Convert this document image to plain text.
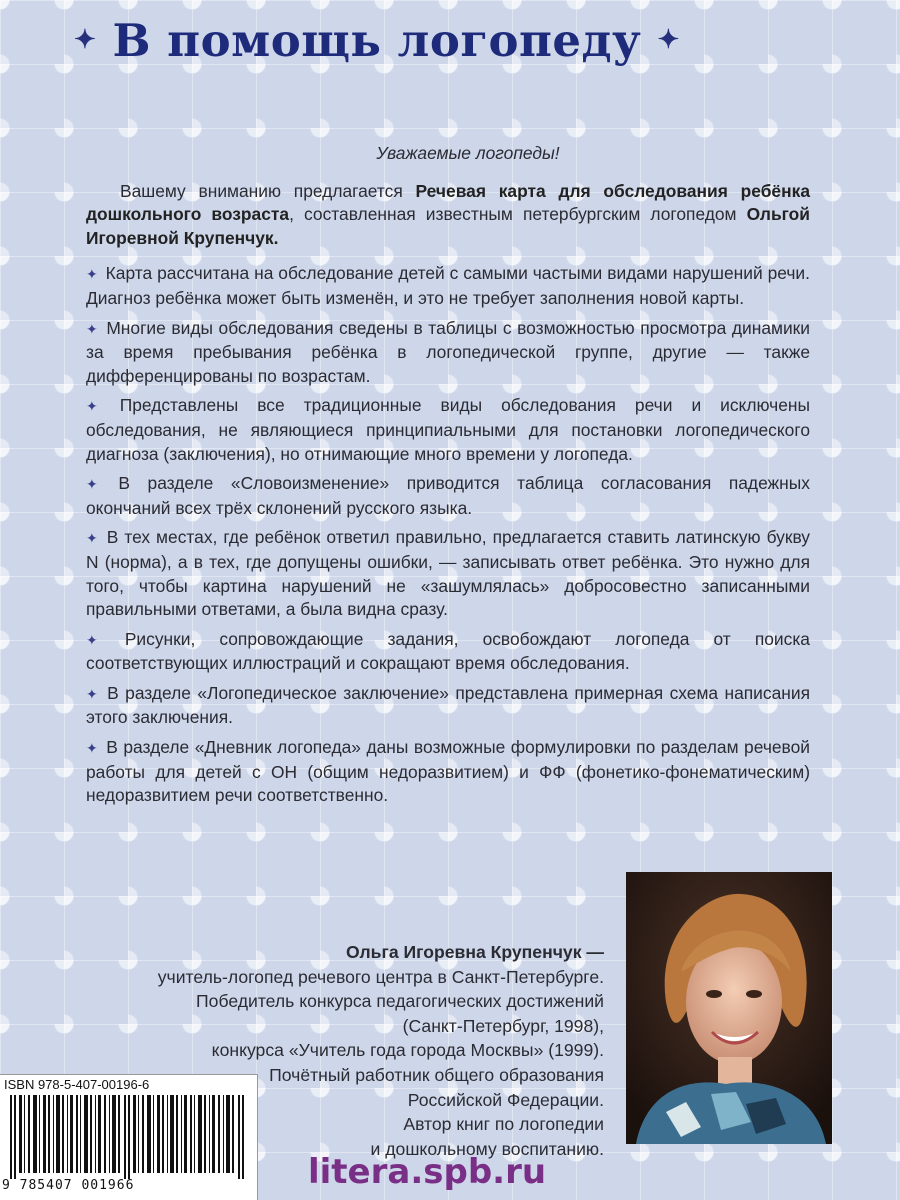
✦ В помощь логопеду ✦

Уважаемые логопеды!

Вашему вниманию предлагается Речевая карта для обследования ребёнка дошкольного возраста, составленная известным петербургским логопедом Ольгой Игоревной Крупенчук.

✦ Карта рассчитана на обследование детей с самыми частыми видами нарушений речи. Диагноз ребёнка может быть изменён, и это не требует заполнения новой карты.

✦ Многие виды обследования сведены в таблицы с возможностью просмотра динамики за время пребывания ребёнка в логопедической группе, другие — также дифференцированы по возрастам.

✦ Представлены все традиционные виды обследования речи и исключены обследования, не являющиеся принципиальными для постановки логопедического диагноза (заключения), но отнимающие много времени у логопеда.

✦ В разделе «Словоизменение» приводится таблица согласования падежных окончаний всех трёх склонений русского языка.

✦ В тех местах, где ребёнок ответил правильно, предлагается ставить латинскую букву N (норма), а в тех, где допущены ошибки, — записывать ответ ребёнка. Это нужно для того, чтобы картина нарушений не «зашумлялась» добросовестно записанными правильными ответами, а была видна сразу.

✦ Рисунки, сопровождающие задания, освобождают логопеда от поиска соответствующих иллюстраций и сокращают время обследования.

✦ В разделе «Логопедическое заключение» представлена примерная схема написания этого заключения.

✦ В разделе «Дневник логопеда» даны возможные формулировки по разделам речевой работы для детей с ОН (общим недоразвитием) и ФФ (фонетико-фонематическим) недоразвитием речи соответственно.

Ольга Игоревна Крупенчук —
учитель-логопед речевого центра в Санкт-Петербурге.
Победитель конкурса педагогических достижений
(Санкт-Петербург, 1998),
конкурса «Учитель года города Москвы» (1999).
Почётный работник общего образования
Российской Федерации.
Автор книг по логопедии
и дошкольному воспитанию.
ISBN 978-5-407-00196-6
9 785407 001966	litera.spb.ru
